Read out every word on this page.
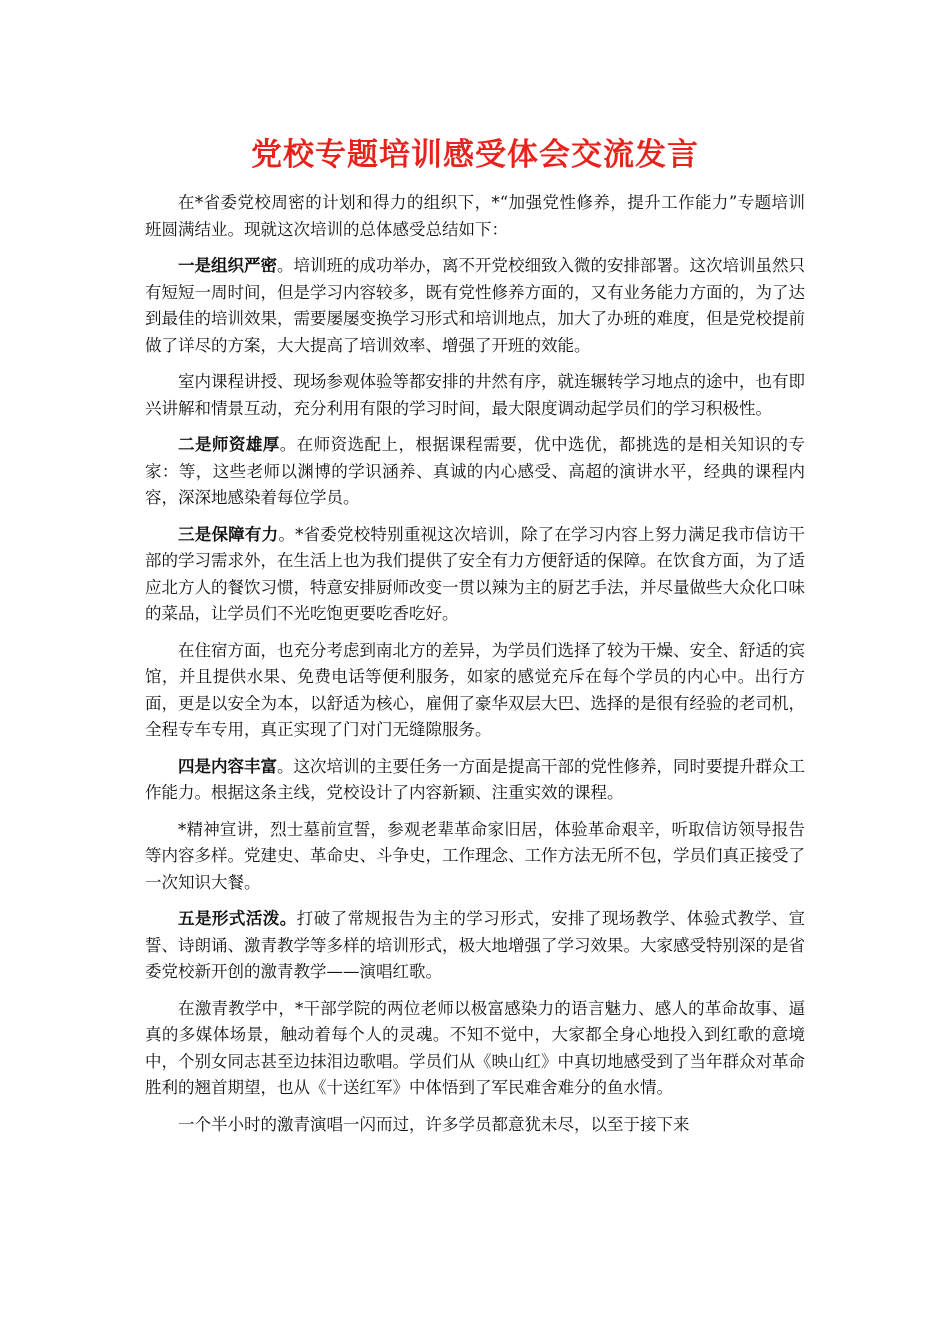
党校专题培训感受体会交流发言

在*省委党校周密的计划和得力的组织下，*“加强党性修养，提升工作能力”专题培训班圆满结业。现就这次培训的总体感受总结如下：

一是组织严密。培训班的成功举办，离不开党校细致入微的安排部署。这次培训虽然只有短短一周时间，但是学习内容较多，既有党性修养方面的，又有业务能力方面的，为了达到最佳的培训效果，需要屡屡变换学习形式和培训地点，加大了办班的难度，但是党校提前做了详尽的方案，大大提高了培训效率、增强了开班的效能。

室内课程讲授、现场参观体验等都安排的井然有序，就连辗转学习地点的途中，也有即兴讲解和情景互动，充分利用有限的学习时间，最大限度调动起学员们的学习积极性。

二是师资雄厚。在师资选配上，根据课程需要，优中选优，都挑选的是相关知识的专家：等，这些老师以渊博的学识涵养、真诚的内心感受、高超的演讲水平，经典的课程内容，深深地感染着每位学员。

三是保障有力。*省委党校特别重视这次培训，除了在学习内容上努力满足我市信访干部的学习需求外，在生活上也为我们提供了安全有力方便舒适的保障。在饮食方面，为了适应北方人的餐饮习惯，特意安排厨师改变一贯以辣为主的厨艺手法，并尽量做些大众化口味的菜品，让学员们不光吃饱更要吃香吃好。

在住宿方面，也充分考虑到南北方的差异，为学员们选择了较为干燥、安全、舒适的宾馆，并且提供水果、免费电话等便利服务，如家的感觉充斥在每个学员的内心中。出行方面，更是以安全为本，以舒适为核心，雇佣了豪华双层大巴、选择的是很有经验的老司机，全程专车专用，真正实现了门对门无缝隙服务。

四是内容丰富。这次培训的主要任务一方面是提高干部的党性修养，同时要提升群众工作能力。根据这条主线，党校设计了内容新颖、注重实效的课程。

*精神宣讲，烈士墓前宣誓，参观老辈革命家旧居，体验革命艰辛，听取信访领导报告等内容多样。党建史、革命史、斗争史，工作理念、工作方法无所不包，学员们真正接受了一次知识大餐。

五是形式活泼。打破了常规报告为主的学习形式，安排了现场教学、体验式教学、宣誓、诗朗诵、激青教学等多样的培训形式，极大地增强了学习效果。大家感受特别深的是省委党校新开创的激青教学——演唱红歌。

在激青教学中，*干部学院的两位老师以极富感染力的语言魅力、感人的革命故事、逼真的多媒体场景，触动着每个人的灵魂。不知不觉中，大家都全身心地投入到红歌的意境中，个别女同志甚至边抹泪边歌唱。学员们从《映山红》中真切地感受到了当年群众对革命胜利的翘首期望，也从《十送红军》中体悟到了军民难舍难分的鱼水情。

一个半小时的激青演唱一闪而过，许多学员都意犹未尽，以至于接下来
